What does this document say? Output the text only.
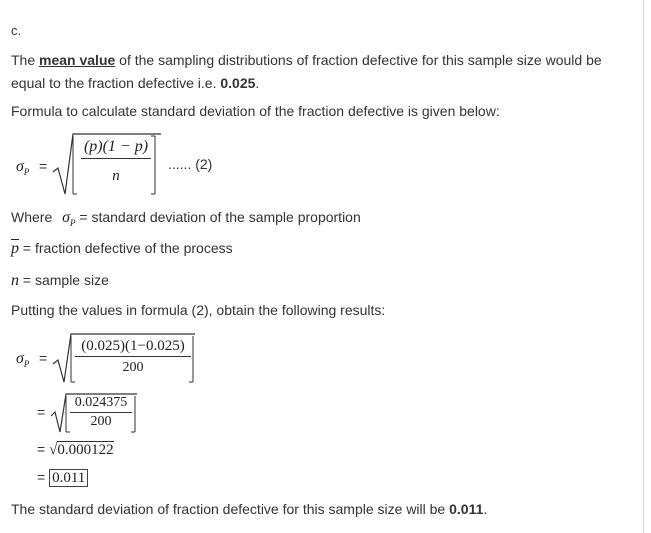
c.
The mean value of the sampling distributions of fraction defective for this sample size would be
equal to the fraction defective i.e. 0.025.
Formula to calculate standard deviation of the fraction defective is given below:
$\sigma_P$ =
(p)(1 − p)
n
...... (2)
Where $\sigma_P$ = standard deviation of the sample proportion
$\overline{p}$ = fraction defective of the process
n = sample size
Putting the values in formula (2), obtain the following results:
$\sigma_P$ =
(0.025)(1−0.025)
200
=
0.024375
200
= √0.000122
= 0.011
The standard deviation of fraction defective for this sample size will be 0.011.
